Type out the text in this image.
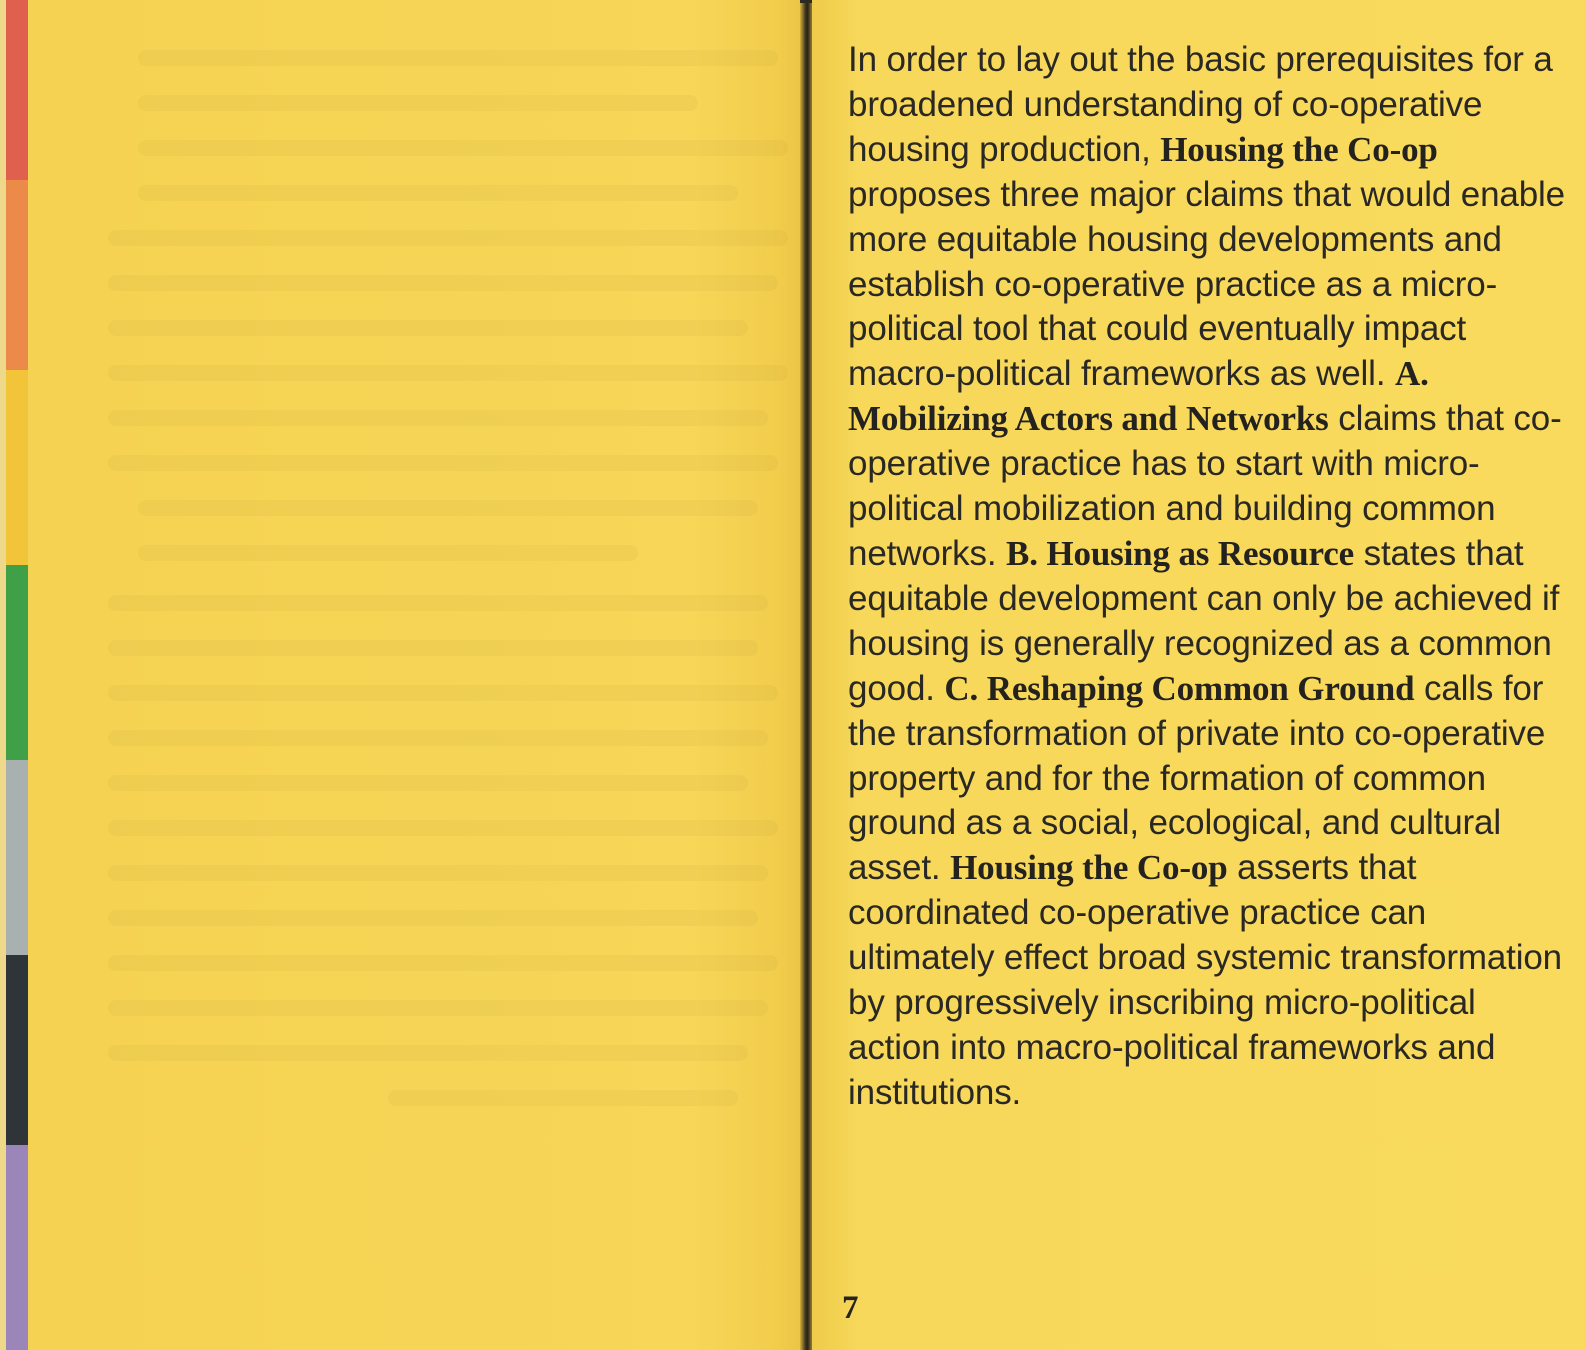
In order to lay out the basic prerequisites for a broadened understanding of co-operative housing production, Housing the Co-op proposes three major claims that would enable more equitable housing developments and establish co-operative practice as a micro-political tool that could eventually impact macro-political frameworks as well. A. Mobilizing Actors and Networks claims that co-operative practice has to start with micro-political mobilization and building common networks. B. Housing as Resource states that equitable development can only be achieved if housing is generally recognized as a common good. C. Reshaping Common Ground calls for the transformation of private into co-operative property and for the formation of common ground as a social, ecological, and cultural asset. Housing the Co-op asserts that coordinated co-operative practice can ultimately effect broad systemic transformation by progressively inscribing micro-political action into macro-political frameworks and institutions.

7
